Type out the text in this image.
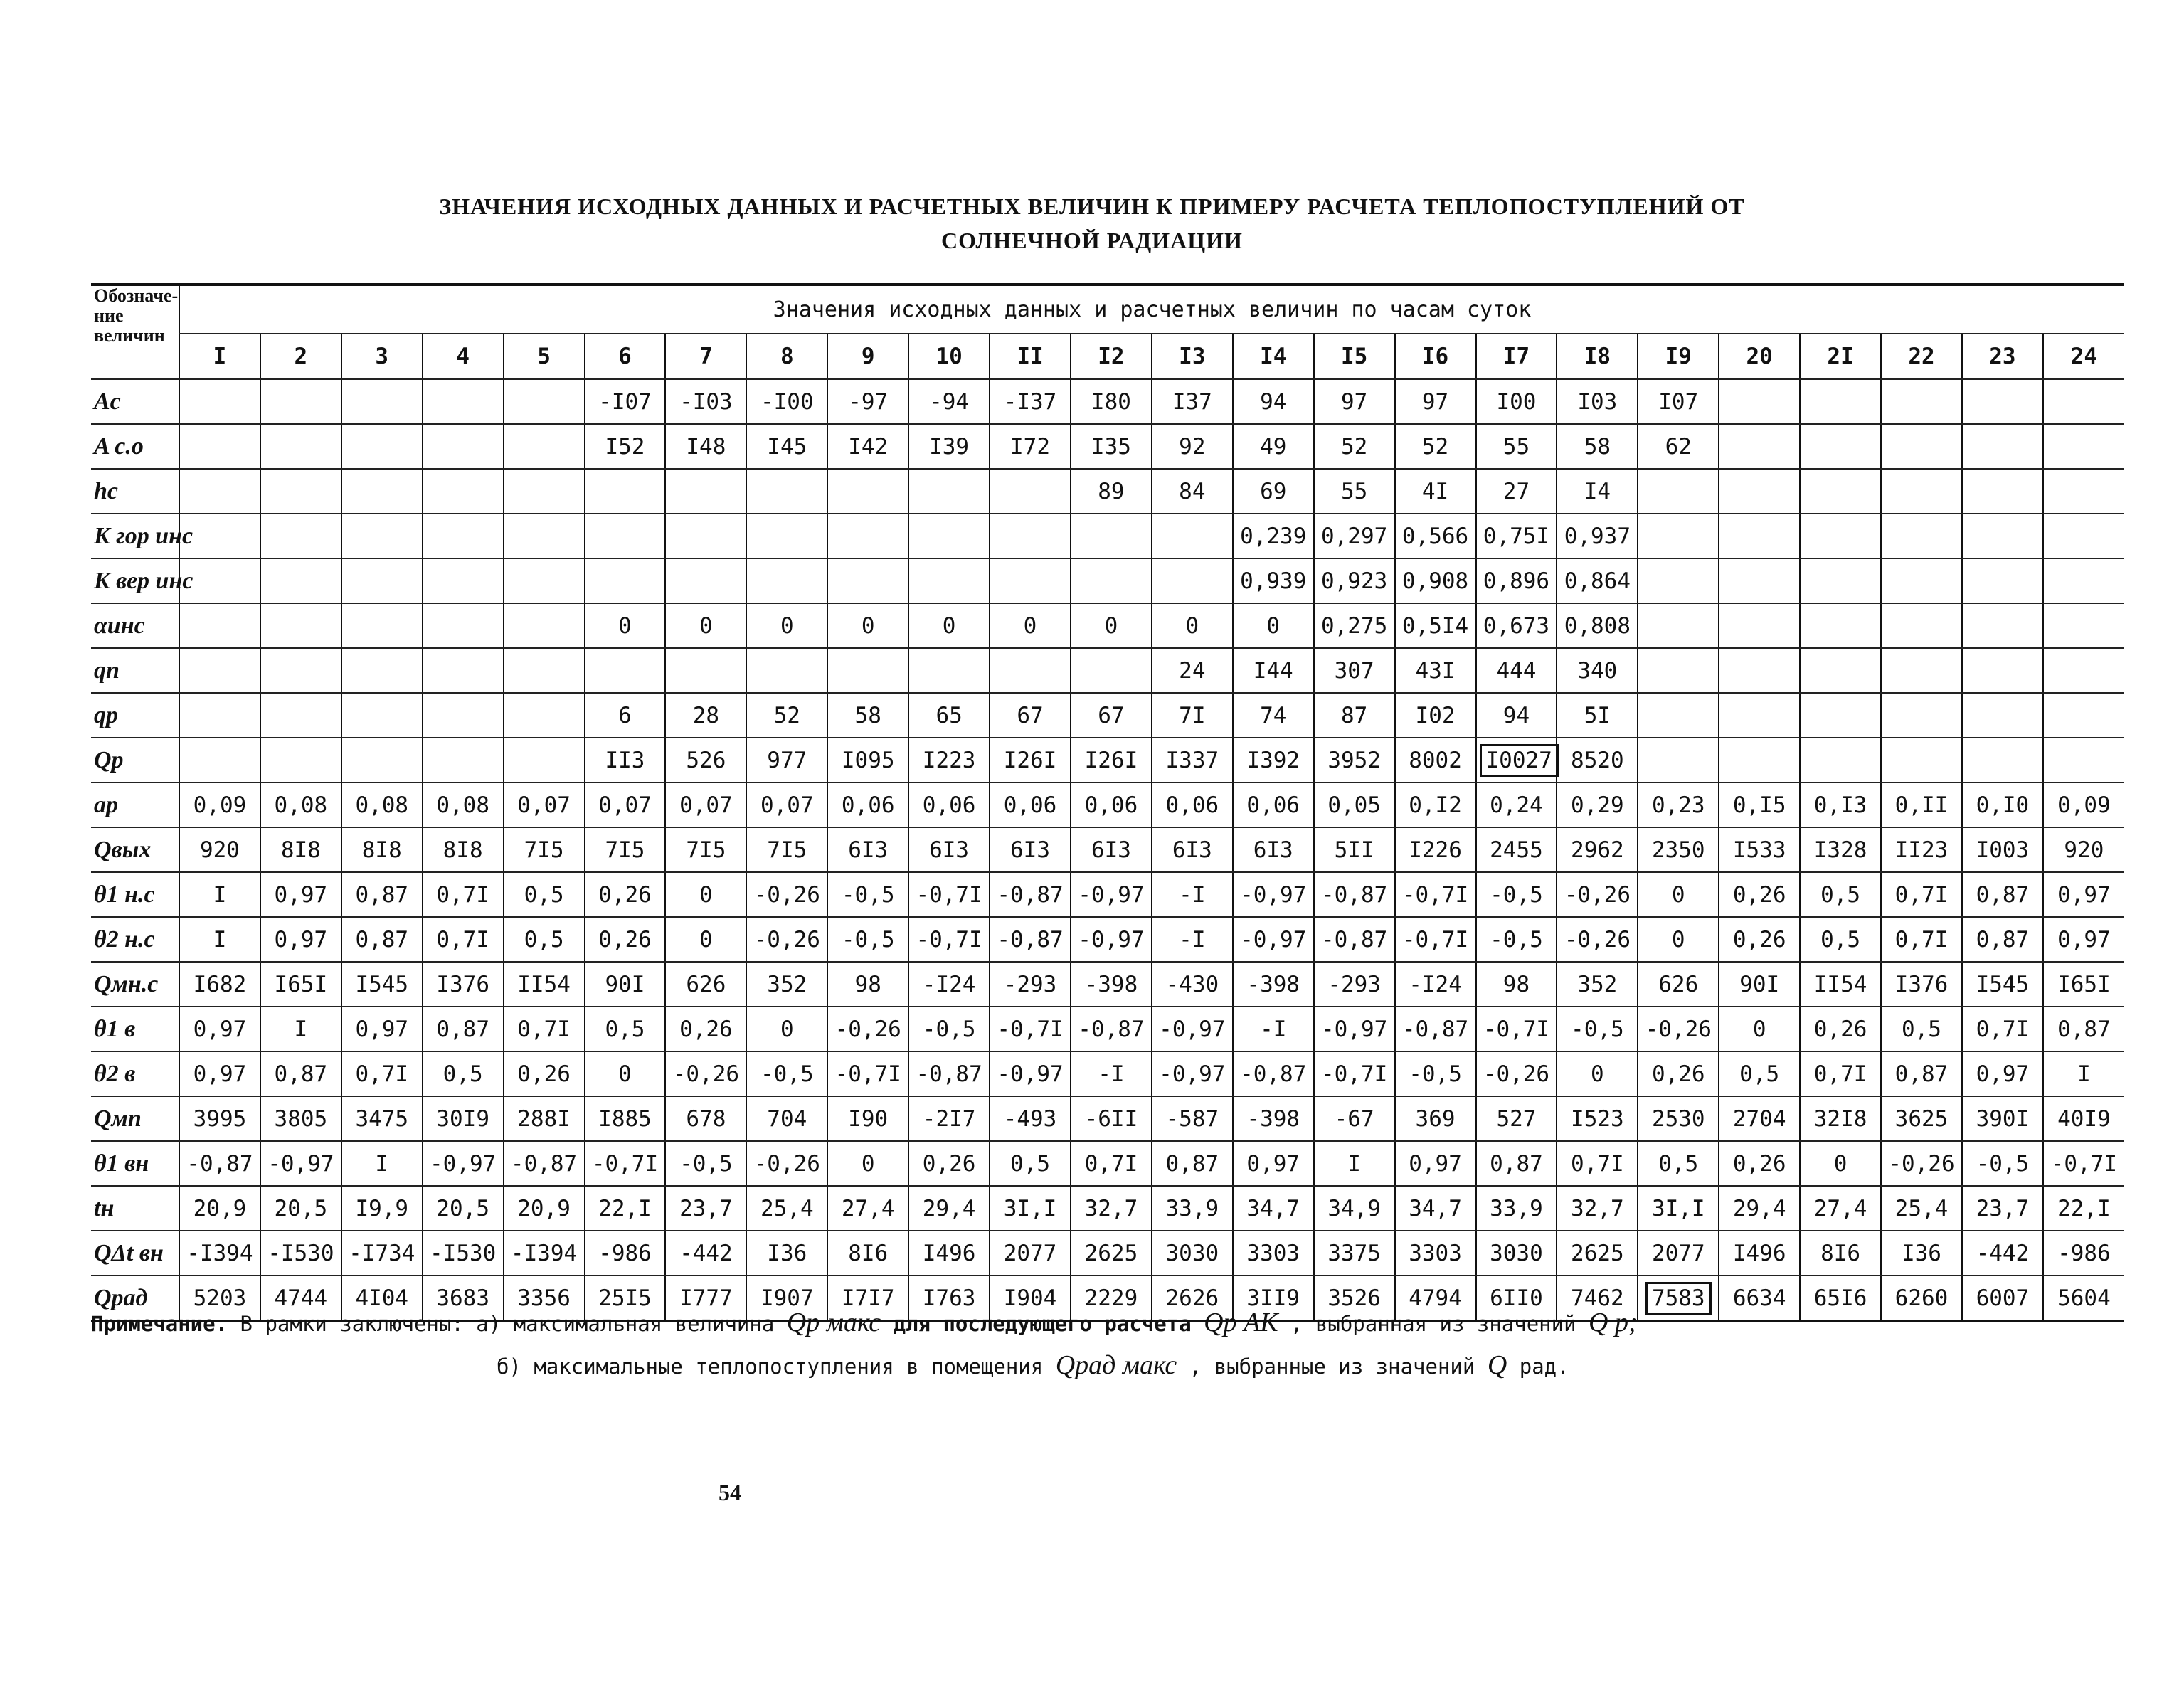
ЗНАЧЕНИЯ ИСХОДНЫХ ДАННЫХ И РАСЧЕТНЫХ ВЕЛИЧИН К ПРИМЕРУ РАСЧЕТА ТЕПЛОПОСТУПЛЕНИЙ ОТ
СОЛНЕЧНОЙ РАДИАЦИИ
Обозначе-
ние
величин	Значения исходных данных и расчетных величин по часам суток																							
	I	2	3	4	5	6	7	8	9	10	II	I2	I3	I4	I5	I6	I7	I8	I9	20	2I	22	23	24
Aс						-I07	-I03	-I00	-97	-94	-I37	I80	I37	94	97	97	I00	I03	I07					
A с.о						I52	I48	I45	I42	I39	I72	I35	92	49	52	52	55	58	62					
hс												89	84	69	55	4I	27	I4						
K гор инс														0,239	0,297	0,566	0,75I	0,937						
K вер инс														0,939	0,923	0,908	0,896	0,864						
αинс						0	0	0	0	0	0	0	0	0	0,275	0,5I4	0,673	0,808						
qп													24	I44	307	43I	444	340						
qр						6	28	52	58	65	67	67	7I	74	87	I02	94	5I						
Qр						II3	526	977	I095	I223	I26I	I26I	I337	I392	3952	8002	I0027	8520						
aр	0,09	0,08	0,08	0,08	0,07	0,07	0,07	0,07	0,06	0,06	0,06	0,06	0,06	0,06	0,05	0,I2	0,24	0,29	0,23	0,I5	0,I3	0,II	0,I0	0,09
Qвых	920	8I8	8I8	8I8	7I5	7I5	7I5	7I5	6I3	6I3	6I3	6I3	6I3	6I3	5II	I226	2455	2962	2350	I533	I328	II23	I003	920
θ1 н.с	I	0,97	0,87	0,7I	0,5	0,26	0	-0,26	-0,5	-0,7I	-0,87	-0,97	-I	-0,97	-0,87	-0,7I	-0,5	-0,26	0	0,26	0,5	0,7I	0,87	0,97
θ2 н.с	I	0,97	0,87	0,7I	0,5	0,26	0	-0,26	-0,5	-0,7I	-0,87	-0,97	-I	-0,97	-0,87	-0,7I	-0,5	-0,26	0	0,26	0,5	0,7I	0,87	0,97
Qмн.с	I682	I65I	I545	I376	II54	90I	626	352	98	-I24	-293	-398	-430	-398	-293	-I24	98	352	626	90I	II54	I376	I545	I65I
θ1 в	0,97	I	0,97	0,87	0,7I	0,5	0,26	0	-0,26	-0,5	-0,7I	-0,87	-0,97	-I	-0,97	-0,87	-0,7I	-0,5	-0,26	0	0,26	0,5	0,7I	0,87
θ2 в	0,97	0,87	0,7I	0,5	0,26	0	-0,26	-0,5	-0,7I	-0,87	-0,97	-I	-0,97	-0,87	-0,7I	-0,5	-0,26	0	0,26	0,5	0,7I	0,87	0,97	I
Qмп	3995	3805	3475	30I9	288I	I885	678	704	I90	-2I7	-493	-6II	-587	-398	-67	369	527	I523	2530	2704	32I8	3625	390I	40I9
θ1 вн	-0,87	-0,97	I	-0,97	-0,87	-0,7I	-0,5	-0,26	0	0,26	0,5	0,7I	0,87	0,97	I	0,97	0,87	0,7I	0,5	0,26	0	-0,26	-0,5	-0,7I
tн	20,9	20,5	I9,9	20,5	20,9	22,I	23,7	25,4	27,4	29,4	3I,I	32,7	33,9	34,7	34,9	34,7	33,9	32,7	3I,I	29,4	27,4	25,4	23,7	22,I
QΔt вн	-I394	-I530	-I734	-I530	-I394	-986	-442	I36	8I6	I496	2077	2625	3030	3303	3375	3303	3030	2625	2077	I496	8I6	I36	-442	-986
Qрад	5203	4744	4I04	3683	3356	25I5	I777	I907	I7I7	I763	I904	2229	2626	3II9	3526	4794	6II0	7462	7583	6634	65I6	6260	6007	5604
Примечание. В рамки заключены: а) максимальная величина Qр макс для последующего расчета Qр АК , выбранная из значений Q р;
б) максимальные теплопоступления в помещения Qрад макс , выбранные из значений Q рад.
54
